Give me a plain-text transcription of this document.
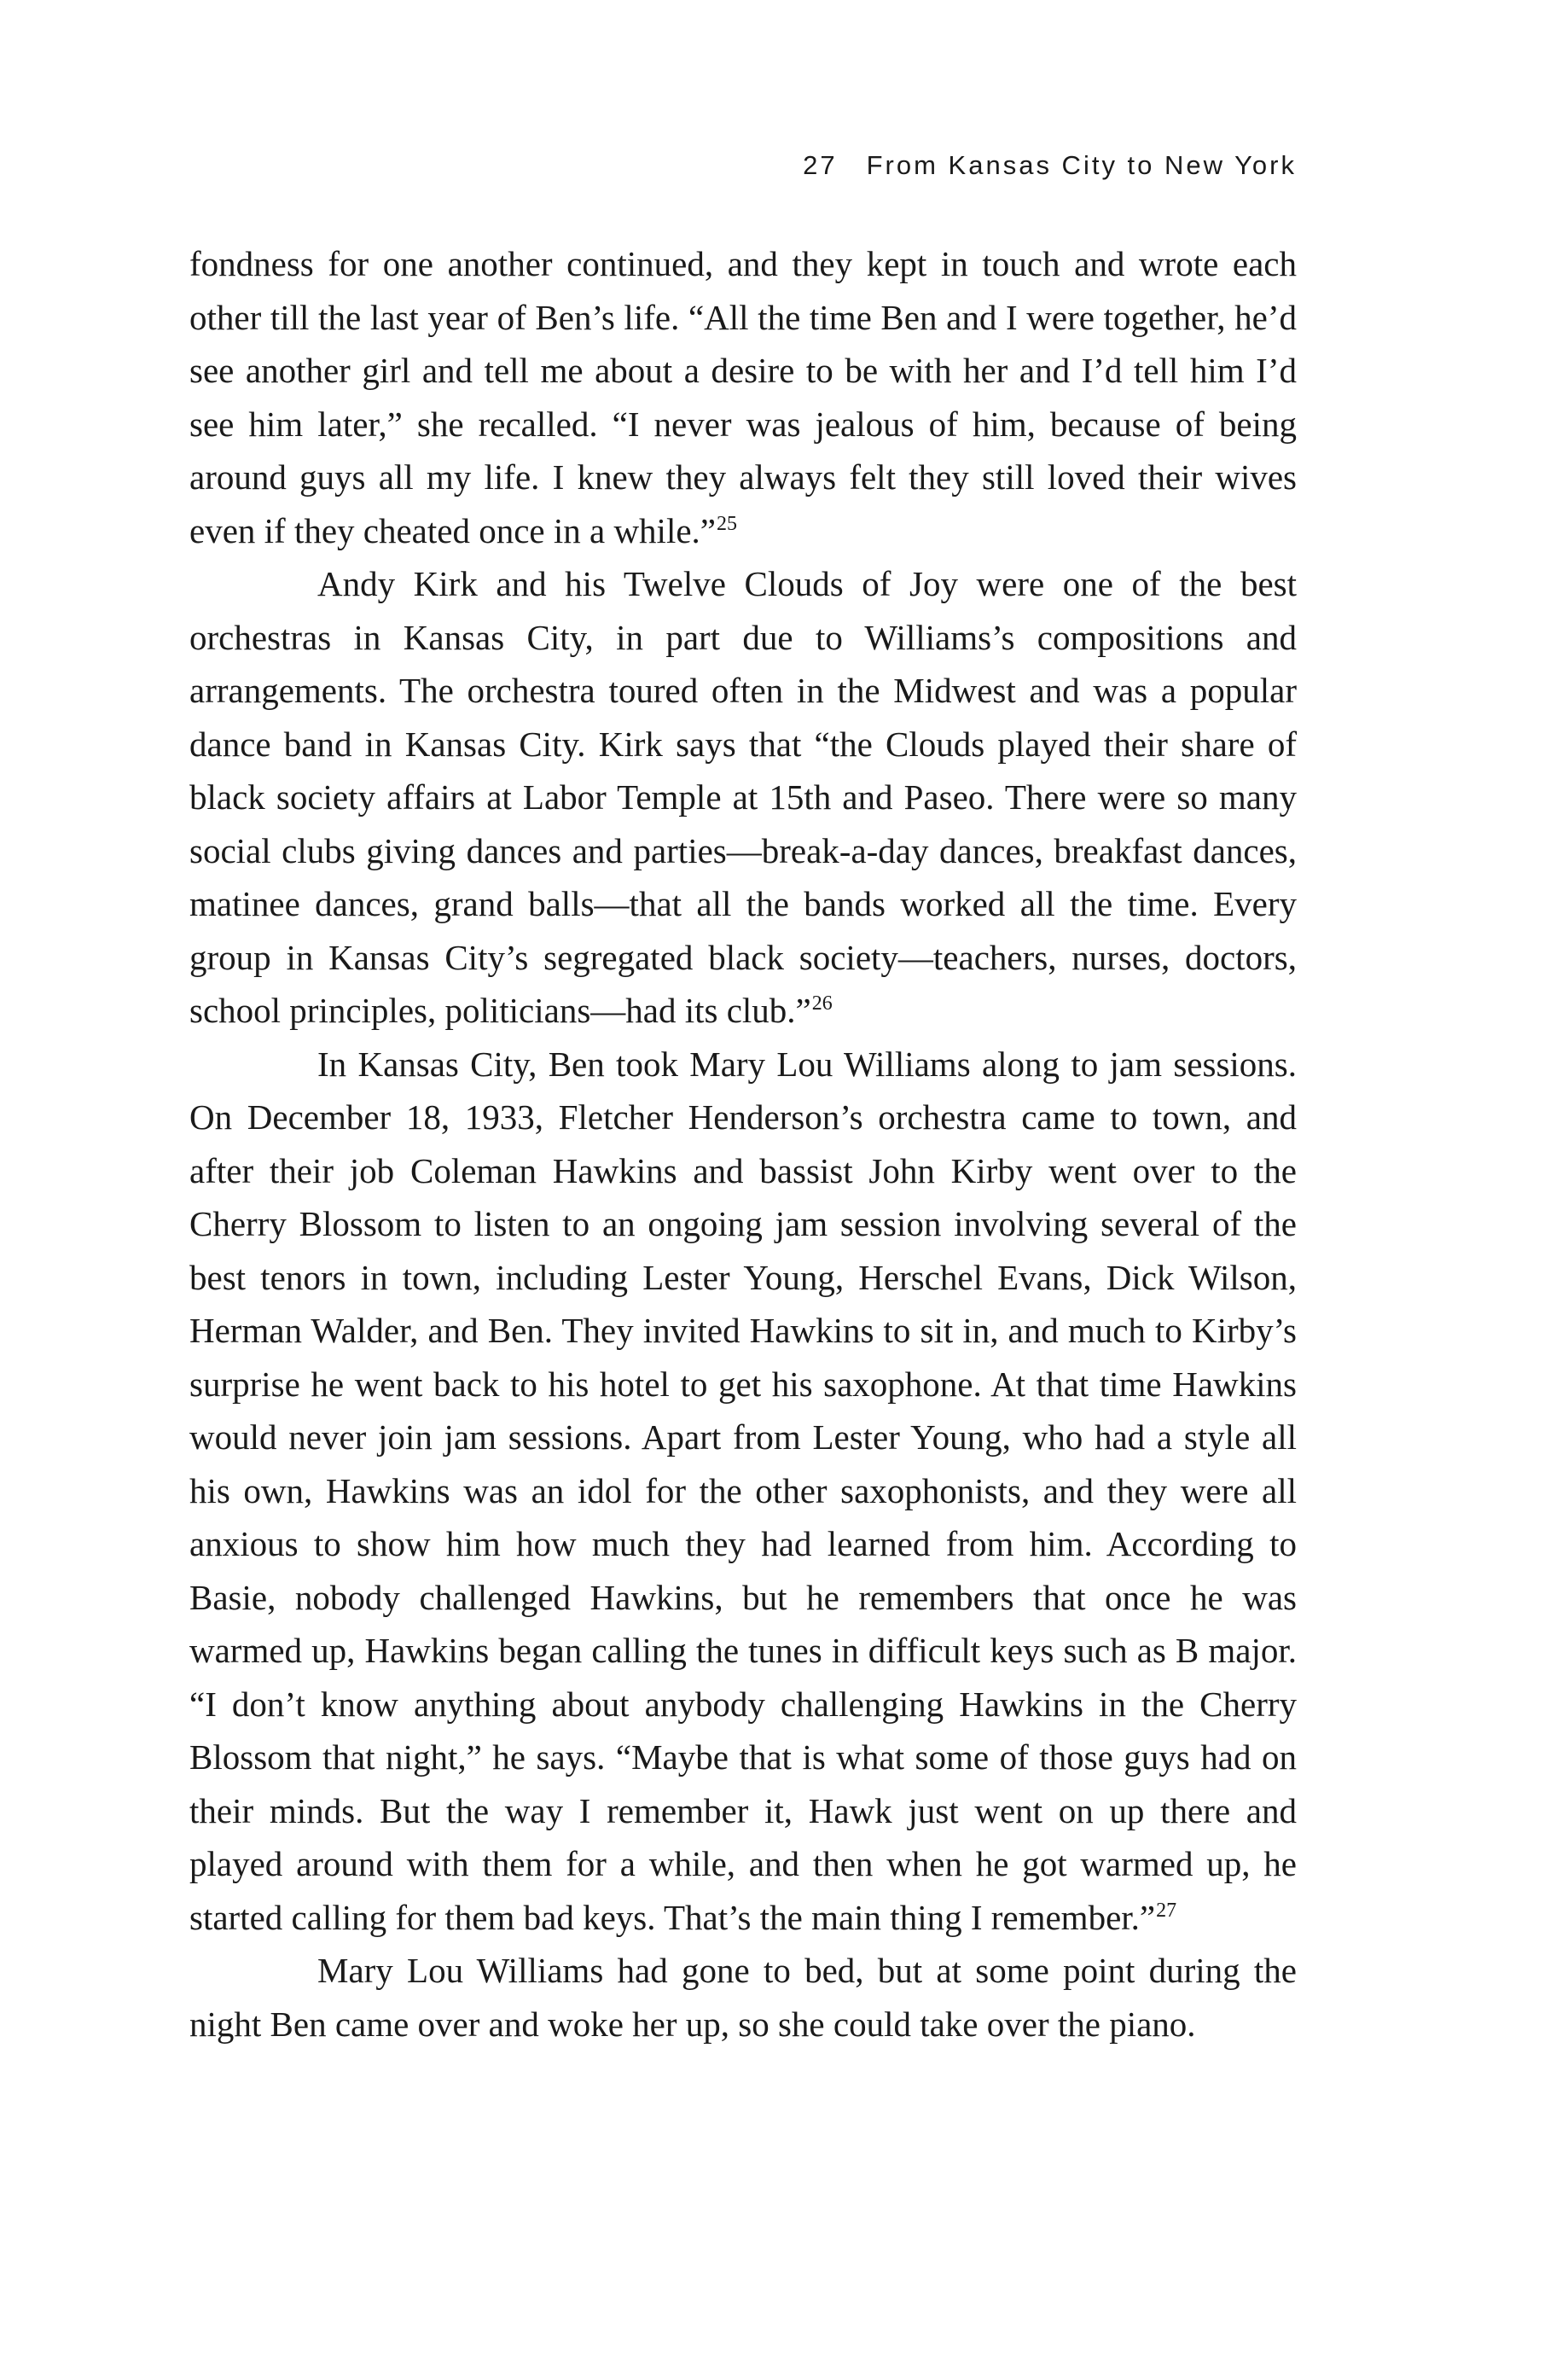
27 From Kansas City to New York

fondness for one another continued, and they kept in touch and wrote each other till the last year of Ben’s life. “All the time Ben and I were together, he’d see another girl and tell me about a desire to be with her and I’d tell him I’d see him later,” she recalled. “I never was jealous of him, because of being around guys all my life. I knew they always felt they still loved their wives even if they cheated once in a while.”$^{25}$

Andy Kirk and his Twelve Clouds of Joy were one of the best orchestras in Kansas City, in part due to Williams’s compositions and arrangements. The orchestra toured often in the Midwest and was a popular dance band in Kansas City. Kirk says that “the Clouds played their share of black society affairs at Labor Temple at 15th and Paseo. There were so many social clubs giving dances and parties—break-a-day dances, breakfast dances, matinee dances, grand balls—that all the bands worked all the time. Every group in Kansas City’s segregated black society—teachers, nurses, doctors, school principles, politicians—had its club.”$^{26}$

In Kansas City, Ben took Mary Lou Williams along to jam sessions. On December 18, 1933, Fletcher Henderson’s orchestra came to town, and after their job Coleman Hawkins and bassist John Kirby went over to the Cherry Blossom to listen to an ongoing jam session involving several of the best tenors in town, including Lester Young, Herschel Evans, Dick Wilson, Herman Walder, and Ben. They invited Hawkins to sit in, and much to Kirby’s surprise he went back to his hotel to get his saxophone. At that time Hawkins would never join jam sessions. Apart from Lester Young, who had a style all his own, Hawkins was an idol for the other saxophonists, and they were all anxious to show him how much they had learned from him. According to Basie, nobody challenged Hawkins, but he remembers that once he was warmed up, Hawkins began calling the tunes in difficult keys such as B major. “I don’t know anything about anybody challenging Hawkins in the Cherry Blossom that night,” he says. “Maybe that is what some of those guys had on their minds. But the way I remember it, Hawk just went on up there and played around with them for a while, and then when he got warmed up, he started calling for them bad keys. That’s the main thing I remember.”$^{27}$

Mary Lou Williams had gone to bed, but at some point during the night Ben came over and woke her up, so she could take over the piano.
